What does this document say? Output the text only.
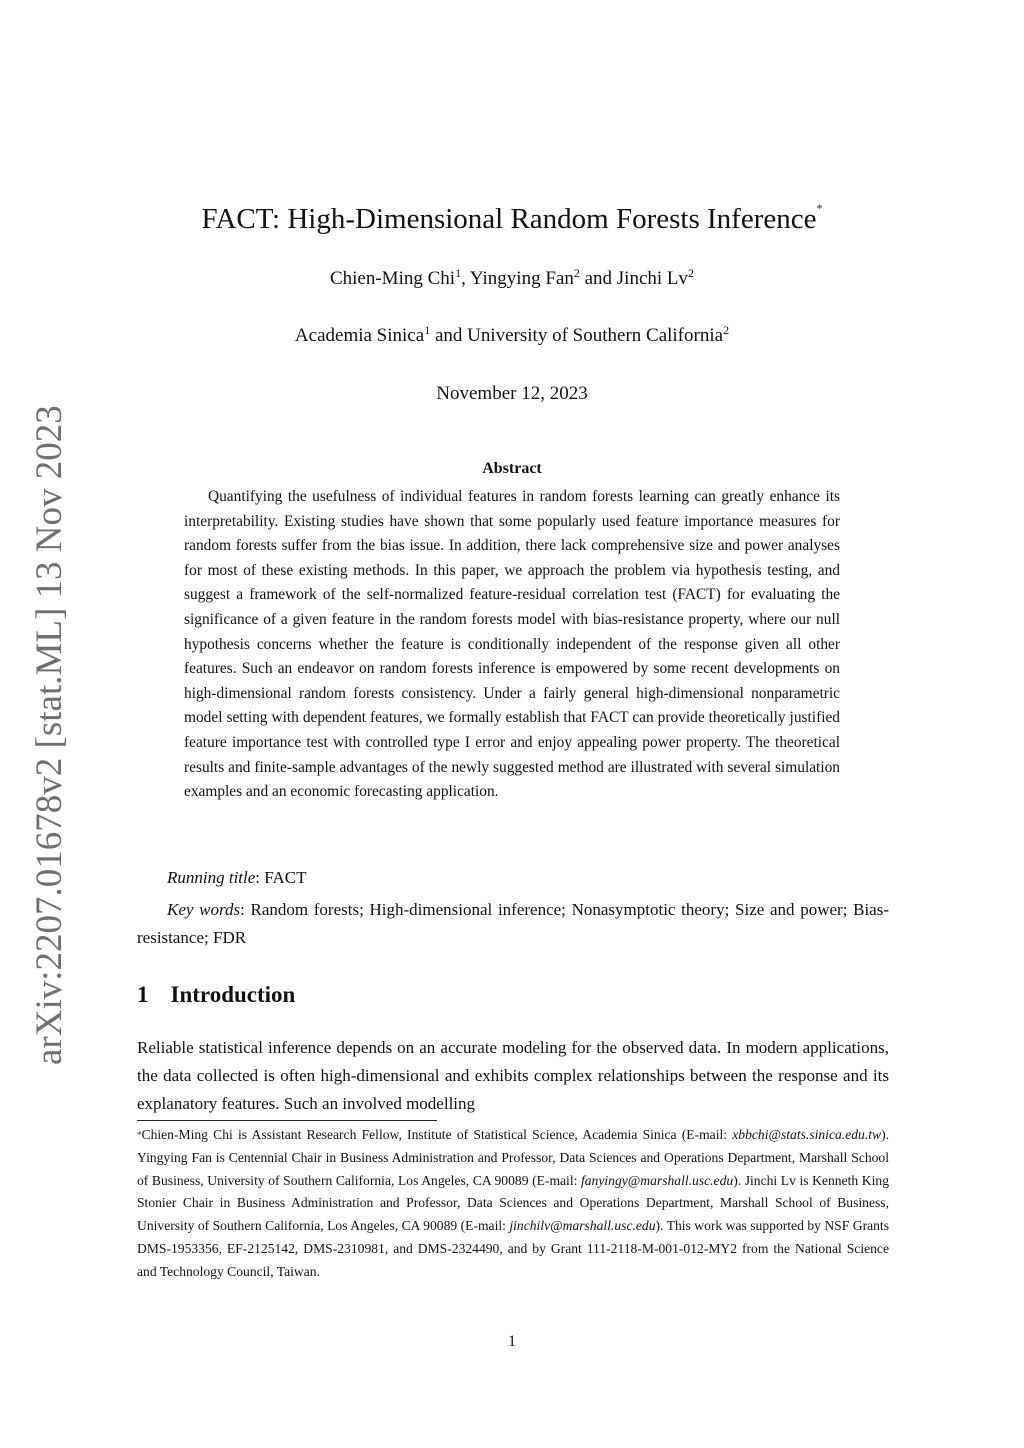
arXiv:2207.01678v2 [stat.ML] 13 Nov 2023
FACT: High-Dimensional Random Forests Inference*
Chien-Ming Chi$^1$, Yingying Fan$^2$ and Jinchi Lv$^2$
Academia Sinica$^1$ and University of Southern California$^2$
November 12, 2023
Abstract

Quantifying the usefulness of individual features in random forests learning can greatly enhance its interpretability. Existing studies have shown that some popularly used feature importance measures for random forests suffer from the bias issue. In addition, there lack comprehensive size and power analyses for most of these existing methods. In this paper, we approach the problem via hypothesis testing, and suggest a framework of the self-normalized feature-residual correlation test (FACT) for evaluating the significance of a given feature in the random forests model with bias-resistance property, where our null hypothesis concerns whether the feature is conditionally independent of the response given all other features. Such an endeavor on random forests inference is empowered by some recent developments on high-dimensional random forests consistency. Under a fairly general high-dimensional nonparametric model setting with dependent features, we formally establish that FACT can provide theoretically justified feature importance test with controlled type I error and enjoy appealing power property. The theoretical results and finite-sample advantages of the newly suggested method are illustrated with several simulation examples and an economic forecasting application.

Running title: FACT
Key words: Random forests; High-dimensional inference; Nonasymptotic theory; Size and power; Bias-resistance; FDR
1 Introduction

Reliable statistical inference depends on an accurate modeling for the observed data. In modern applications, the data collected is often high-dimensional and exhibits complex relationships between the response and its explanatory features. Such an involved modelling

*Chien-Ming Chi is Assistant Research Fellow, Institute of Statistical Science, Academia Sinica (E-mail: xbbchi@stats.sinica.edu.tw). Yingying Fan is Centennial Chair in Business Administration and Professor, Data Sciences and Operations Department, Marshall School of Business, University of Southern California, Los Angeles, CA 90089 (E-mail: fanyingy@marshall.usc.edu). Jinchi Lv is Kenneth King Stonier Chair in Business Administration and Professor, Data Sciences and Operations Department, Marshall School of Business, University of Southern California, Los Angeles, CA 90089 (E-mail: jinchilv@marshall.usc.edu). This work was supported by NSF Grants DMS-1953356, EF-2125142, DMS-2310981, and DMS-2324490, and by Grant 111-2118-M-001-012-MY2 from the National Science and Technology Council, Taiwan.

1
